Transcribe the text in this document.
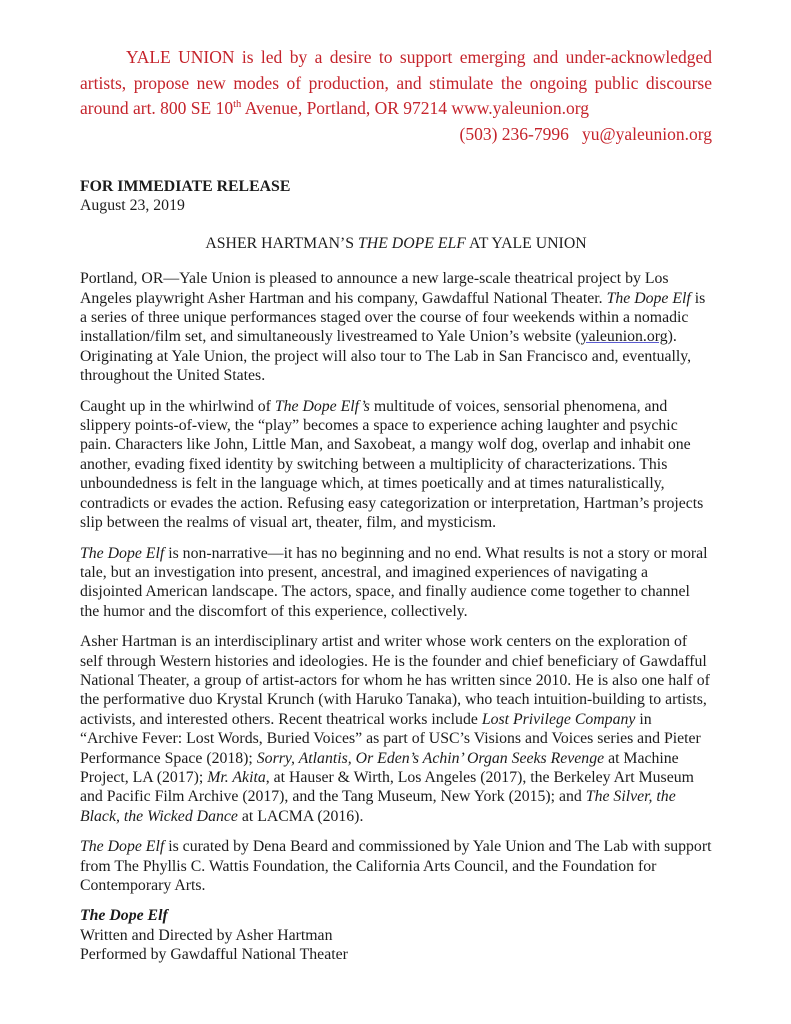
YALE UNION is led by a desire to support emerging and under-acknowledged artists, propose new modes of production, and stimulate the ongoing public discourse around art. 800 SE 10th Avenue, Portland, OR 97214 www.yaleunion.org

(503) 236-7996   yu@yaleunion.org

FOR IMMEDIATE RELEASE

August 23, 2019

ASHER HARTMAN’S THE DOPE ELF AT YALE UNION

Portland, OR—Yale Union is pleased to announce a new large-scale theatrical project by Los Angeles playwright Asher Hartman and his company, Gawdafful National Theater. The Dope Elf is a series of three unique performances staged over the course of four weekends within a nomadic installation/film set, and simultaneously livestreamed to Yale Union’s website (yaleunion.org). Originating at Yale Union, the project will also tour to The Lab in San Francisco and, eventually, throughout the United States.

Caught up in the whirlwind of The Dope Elf’s multitude of voices, sensorial phenomena, and slippery points-of-view, the “play” becomes a space to experience aching laughter and psychic pain. Characters like John, Little Man, and Saxobeat, a mangy wolf dog, overlap and inhabit one another, evading fixed identity by switching between a multiplicity of characterizations. This unboundedness is felt in the language which, at times poetically and at times naturalistically, contradicts or evades the action. Refusing easy categorization or interpretation, Hartman’s projects slip between the realms of visual art, theater, film, and mysticism.

The Dope Elf is non-narrative—it has no beginning and no end. What results is not a story or moral tale, but an investigation into present, ancestral, and imagined experiences of navigating a disjointed American landscape. The actors, space, and finally audience come together to channel the humor and the discomfort of this experience, collectively.

Asher Hartman is an interdisciplinary artist and writer whose work centers on the exploration of self through Western histories and ideologies. He is the founder and chief beneficiary of Gawdafful National Theater, a group of artist-actors for whom he has written since 2010. He is also one half of the performative duo Krystal Krunch (with Haruko Tanaka), who teach intuition-building to artists, activists, and interested others. Recent theatrical works include Lost Privilege Company in “Archive Fever: Lost Words, Buried Voices” as part of USC’s Visions and Voices series and Pieter Performance Space (2018); Sorry, Atlantis, Or Eden’s Achin’ Organ Seeks Revenge at Machine Project, LA (2017); Mr. Akita, at Hauser & Wirth, Los Angeles (2017), the Berkeley Art Museum and Pacific Film Archive (2017), and the Tang Museum, New York (2015); and The Silver, the Black, the Wicked Dance at LACMA (2016).

The Dope Elf is curated by Dena Beard and commissioned by Yale Union and The Lab with support from The Phyllis C. Wattis Foundation, the California Arts Council, and the Foundation for Contemporary Arts.

The Dope Elf

Written and Directed by Asher Hartman

Performed by Gawdafful National Theater
